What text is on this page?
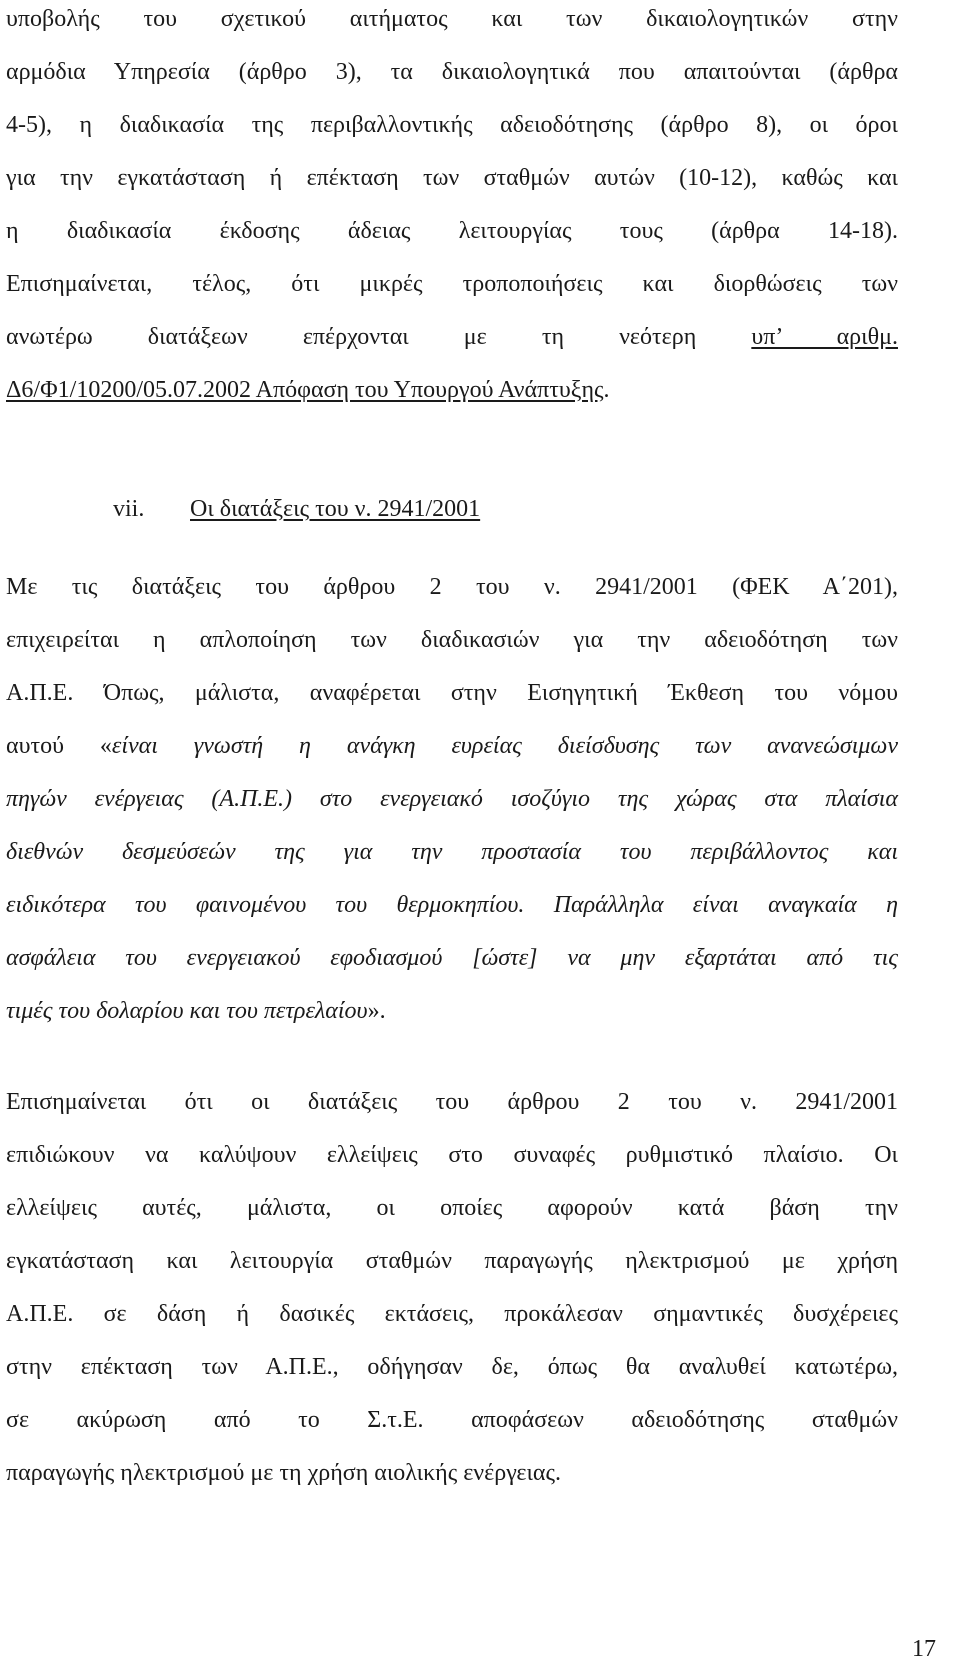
υποβολής του σχετικού αιτήματος και των δικαιολογητικών στην
αρμόδια Υπηρεσία (άρθρο 3), τα δικαιολογητικά που απαιτούνται (άρθρα
4-5), η διαδικασία της περιβαλλοντικής αδειοδότησης (άρθρο 8), οι όροι
για την εγκατάσταση ή επέκταση των σταθμών αυτών (10-12), καθώς και
η διαδικασία έκδοσης άδειας λειτουργίας τους (άρθρα 14-18).
Επισημαίνεται, τέλος, ότι μικρές τροποποιήσεις και διορθώσεις των
ανωτέρω διατάξεων επέρχονται με τη νεότερη υπ’ αριθμ.
Δ6/Φ1/10200/05.07.2002 Απόφαση του Υπουργού Ανάπτυξης.
vii. Οι διατάξεις του ν. 2941/2001
Με τις διατάξεις του άρθρου 2 του ν. 2941/2001 (ΦΕΚ Α΄201),
επιχειρείται η απλοποίηση των διαδικασιών για την αδειοδότηση των
Α.Π.Ε. Όπως, μάλιστα, αναφέρεται στην Εισηγητική Έκθεση του νόμου
αυτού «είναι γνωστή η ανάγκη ευρείας διείσδυσης των ανανεώσιμων
πηγών ενέργειας (Α.Π.Ε.) στο ενεργειακό ισοζύγιο της χώρας στα πλαίσια
διεθνών δεσμεύσεών της για την προστασία του περιβάλλοντος και
ειδικότερα του φαινομένου του θερμοκηπίου. Παράλληλα είναι αναγκαία η
ασφάλεια του ενεργειακού εφοδιασμού [ώστε] να μην εξαρτάται από τις
τιμές του δολαρίου και του πετρελαίου».
Επισημαίνεται ότι οι διατάξεις του άρθρου 2 του ν. 2941/2001
επιδιώκουν να καλύψουν ελλείψεις στο συναφές ρυθμιστικό πλαίσιο. Οι
ελλείψεις αυτές, μάλιστα, οι οποίες αφορούν κατά βάση την
εγκατάσταση και λειτουργία σταθμών παραγωγής ηλεκτρισμού με χρήση
Α.Π.Ε. σε δάση ή δασικές εκτάσεις, προκάλεσαν σημαντικές δυσχέρειες
στην επέκταση των Α.Π.Ε., οδήγησαν δε, όπως θα αναλυθεί κατωτέρω,
σε ακύρωση από το Σ.τ.Ε. αποφάσεων αδειοδότησης σταθμών
παραγωγής ηλεκτρισμού με τη χρήση αιολικής ενέργειας.
17
